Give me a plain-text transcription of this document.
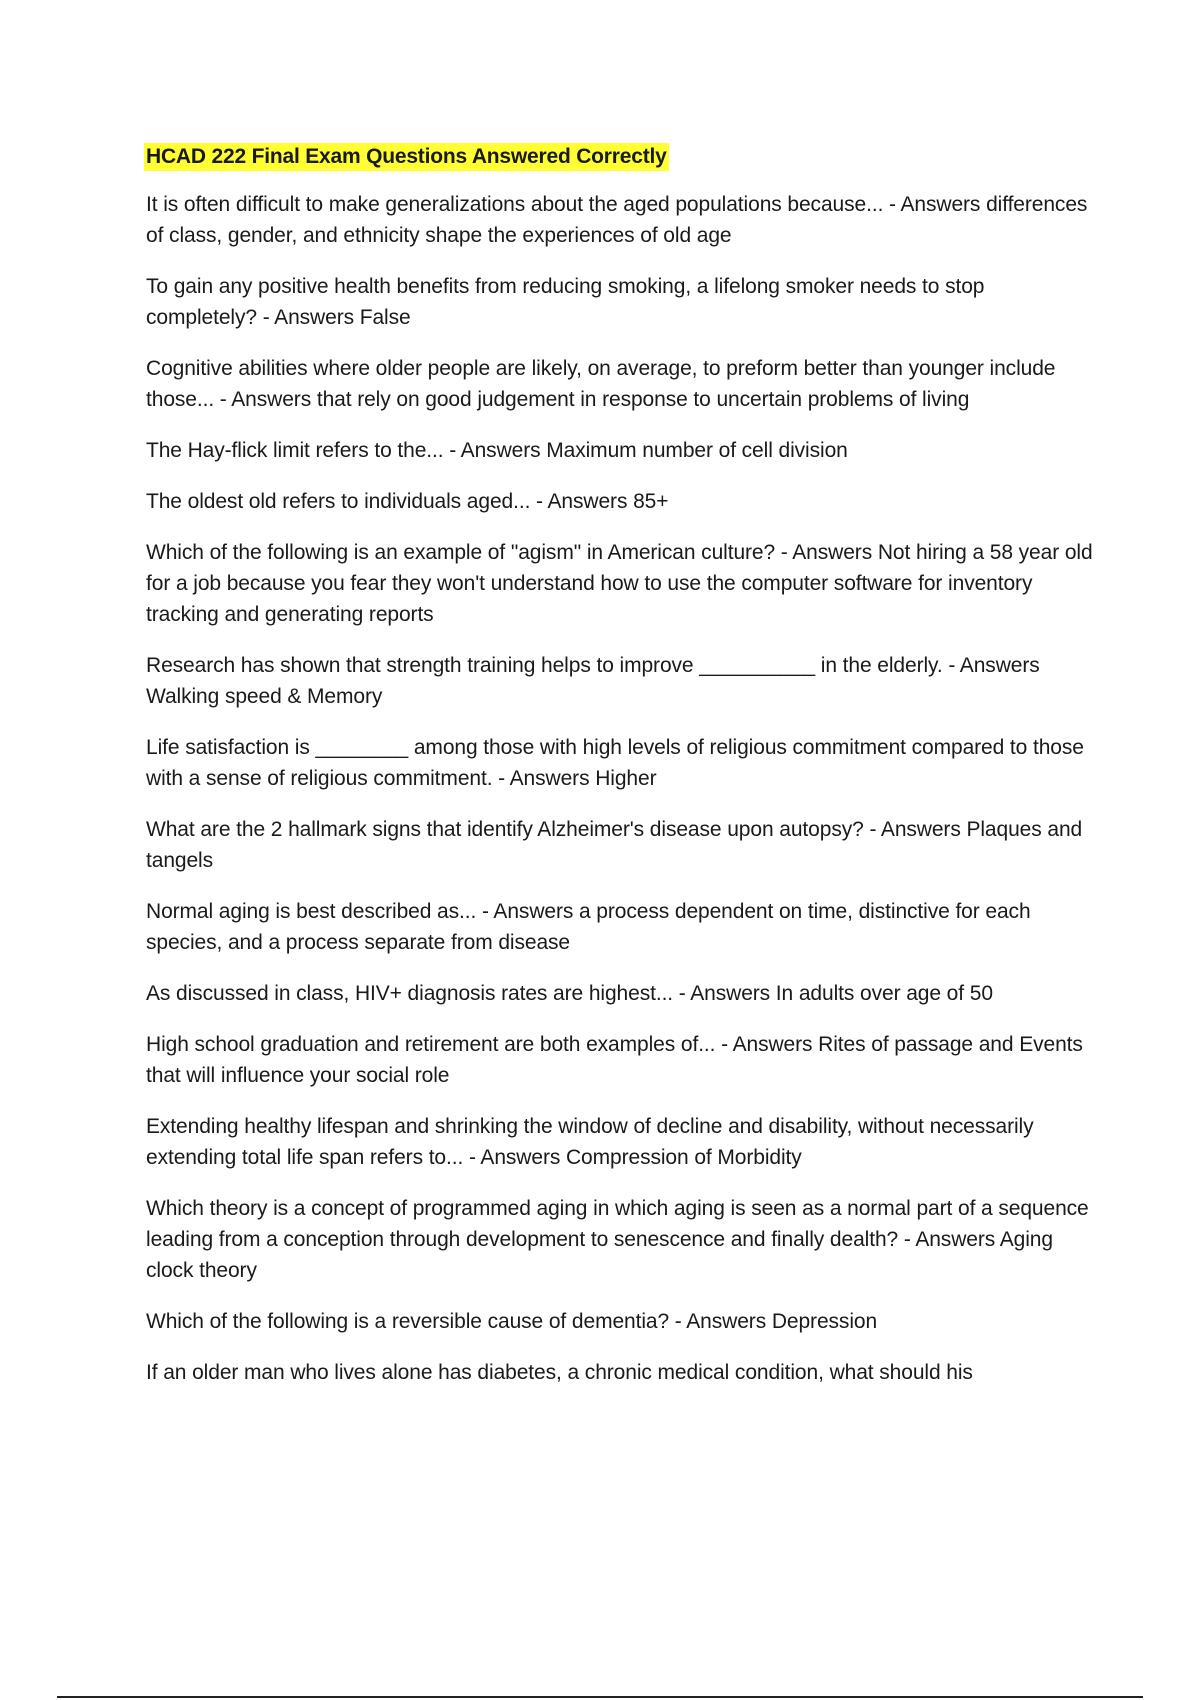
HCAD 222 Final Exam Questions Answered Correctly

It is often difficult to make generalizations about the aged populations because... - Answers differences of class, gender, and ethnicity shape the experiences of old age

To gain any positive health benefits from reducing smoking, a lifelong smoker needs to stop completely? - Answers False

Cognitive abilities where older people are likely, on average, to preform better than younger include those... - Answers that rely on good judgement in response to uncertain problems of living

The Hay-flick limit refers to the... - Answers Maximum number of cell division

The oldest old refers to individuals aged... - Answers 85+

Which of the following is an example of "agism" in American culture? - Answers Not hiring a 58 year old for a job because you fear they won't understand how to use the computer software for inventory tracking and generating reports

Research has shown that strength training helps to improve __________ in the elderly. - Answers Walking speed & Memory

Life satisfaction is ________ among those with high levels of religious commitment compared to those with a sense of religious commitment. - Answers Higher

What are the 2 hallmark signs that identify Alzheimer's disease upon autopsy? - Answers Plaques and tangels

Normal aging is best described as... - Answers a process dependent on time, distinctive for each species, and a process separate from disease

As discussed in class, HIV+ diagnosis rates are highest... - Answers In adults over age of 50

High school graduation and retirement are both examples of... - Answers Rites of passage and Events that will influence your social role

Extending healthy lifespan and shrinking the window of decline and disability, without necessarily extending total life span refers to... - Answers Compression of Morbidity

Which theory is a concept of programmed aging in which aging is seen as a normal part of a sequence leading from a conception through development to senescence and finally dealth? - Answers Aging clock theory

Which of the following is a reversible cause of dementia? - Answers Depression

If an older man who lives alone has diabetes, a chronic medical condition, what should his
